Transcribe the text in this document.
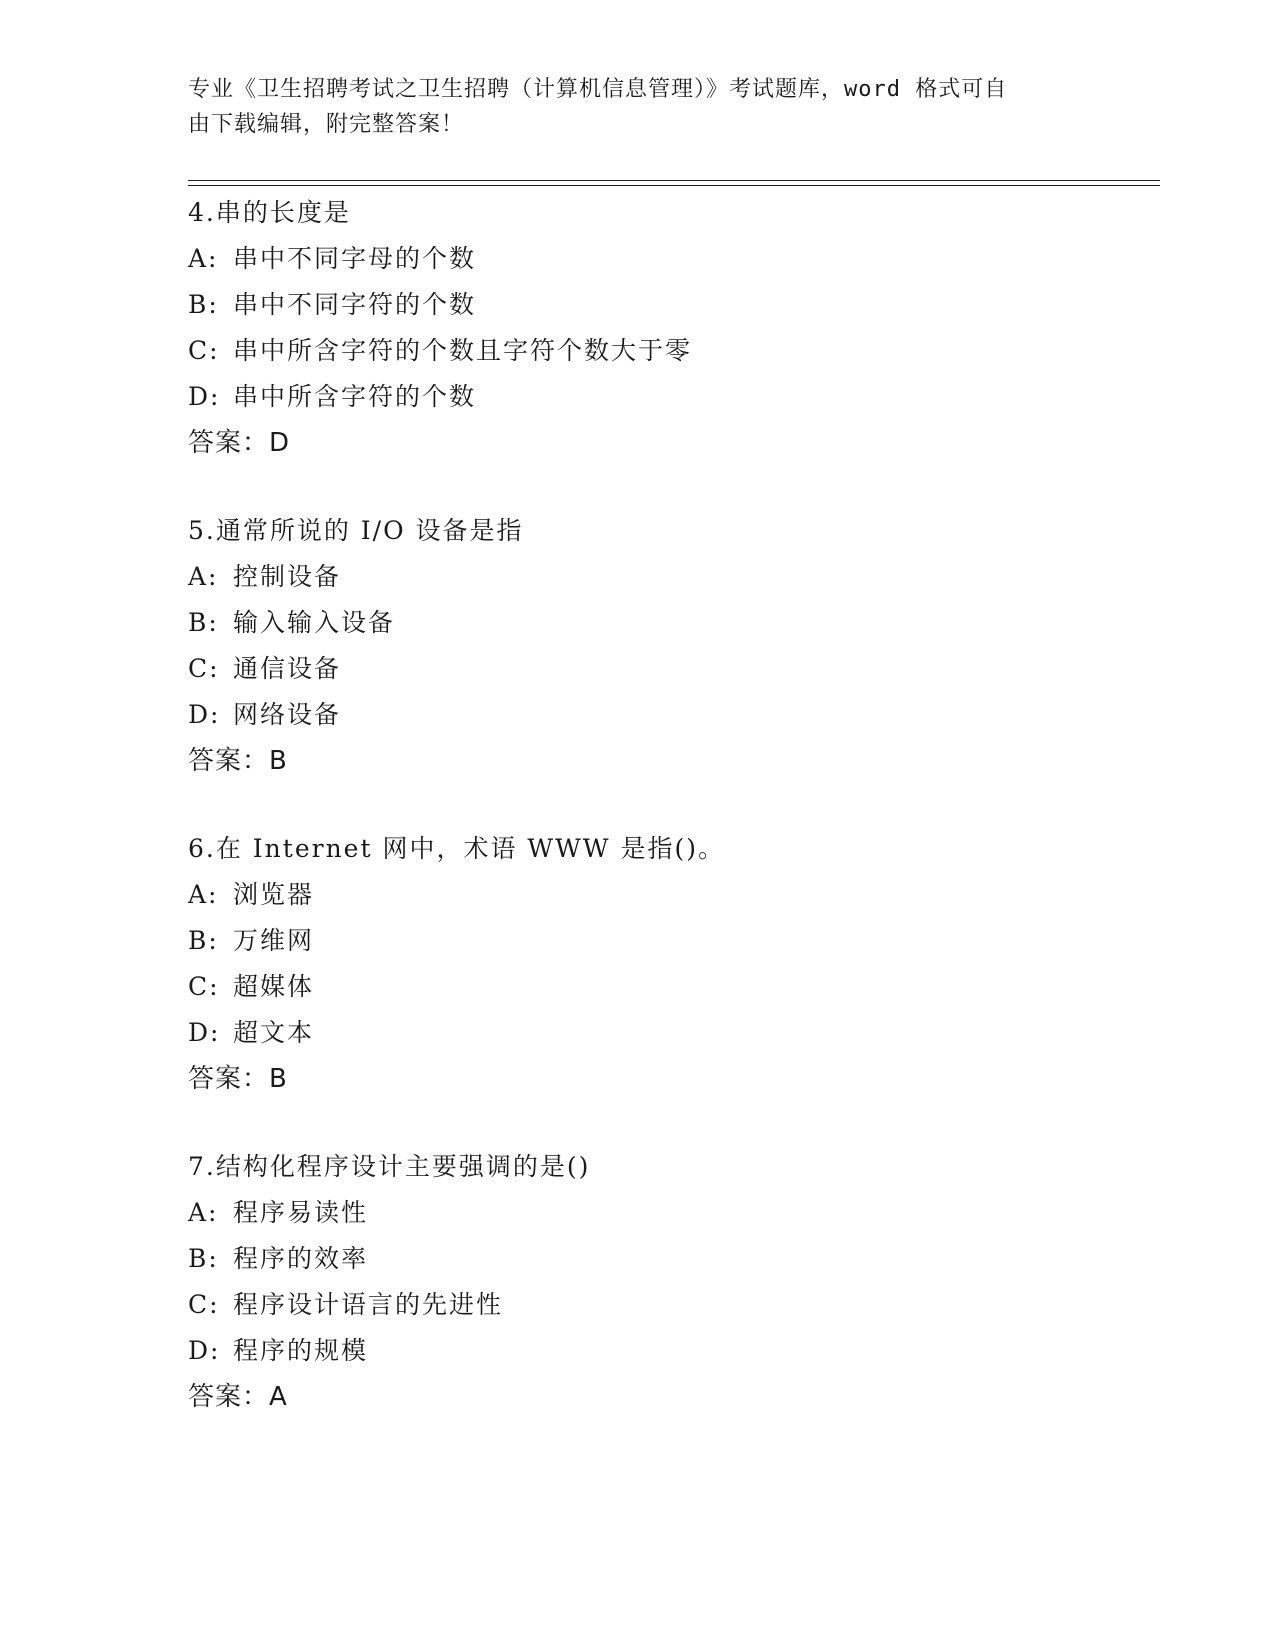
专业《卫生招聘考试之卫生招聘（计算机信息管理）》考试题库，word 格式可自
由下载编辑，附完整答案！
4.串的长度是
A: 串中不同字母的个数
B: 串中不同字符的个数
C: 串中所含字符的个数且字符个数大于零
D: 串中所含字符的个数
答案：D
5.通常所说的 I/O 设备是指
A: 控制设备
B: 输入输入设备
C: 通信设备
D: 网络设备
答案：B
6.在 Internet 网中，术语 WWW 是指()。
A: 浏览器
B: 万维网
C: 超媒体
D: 超文本
答案：B
7.结构化程序设计主要强调的是()
A: 程序易读性
B: 程序的效率
C: 程序设计语言的先进性
D: 程序的规模
答案：A
